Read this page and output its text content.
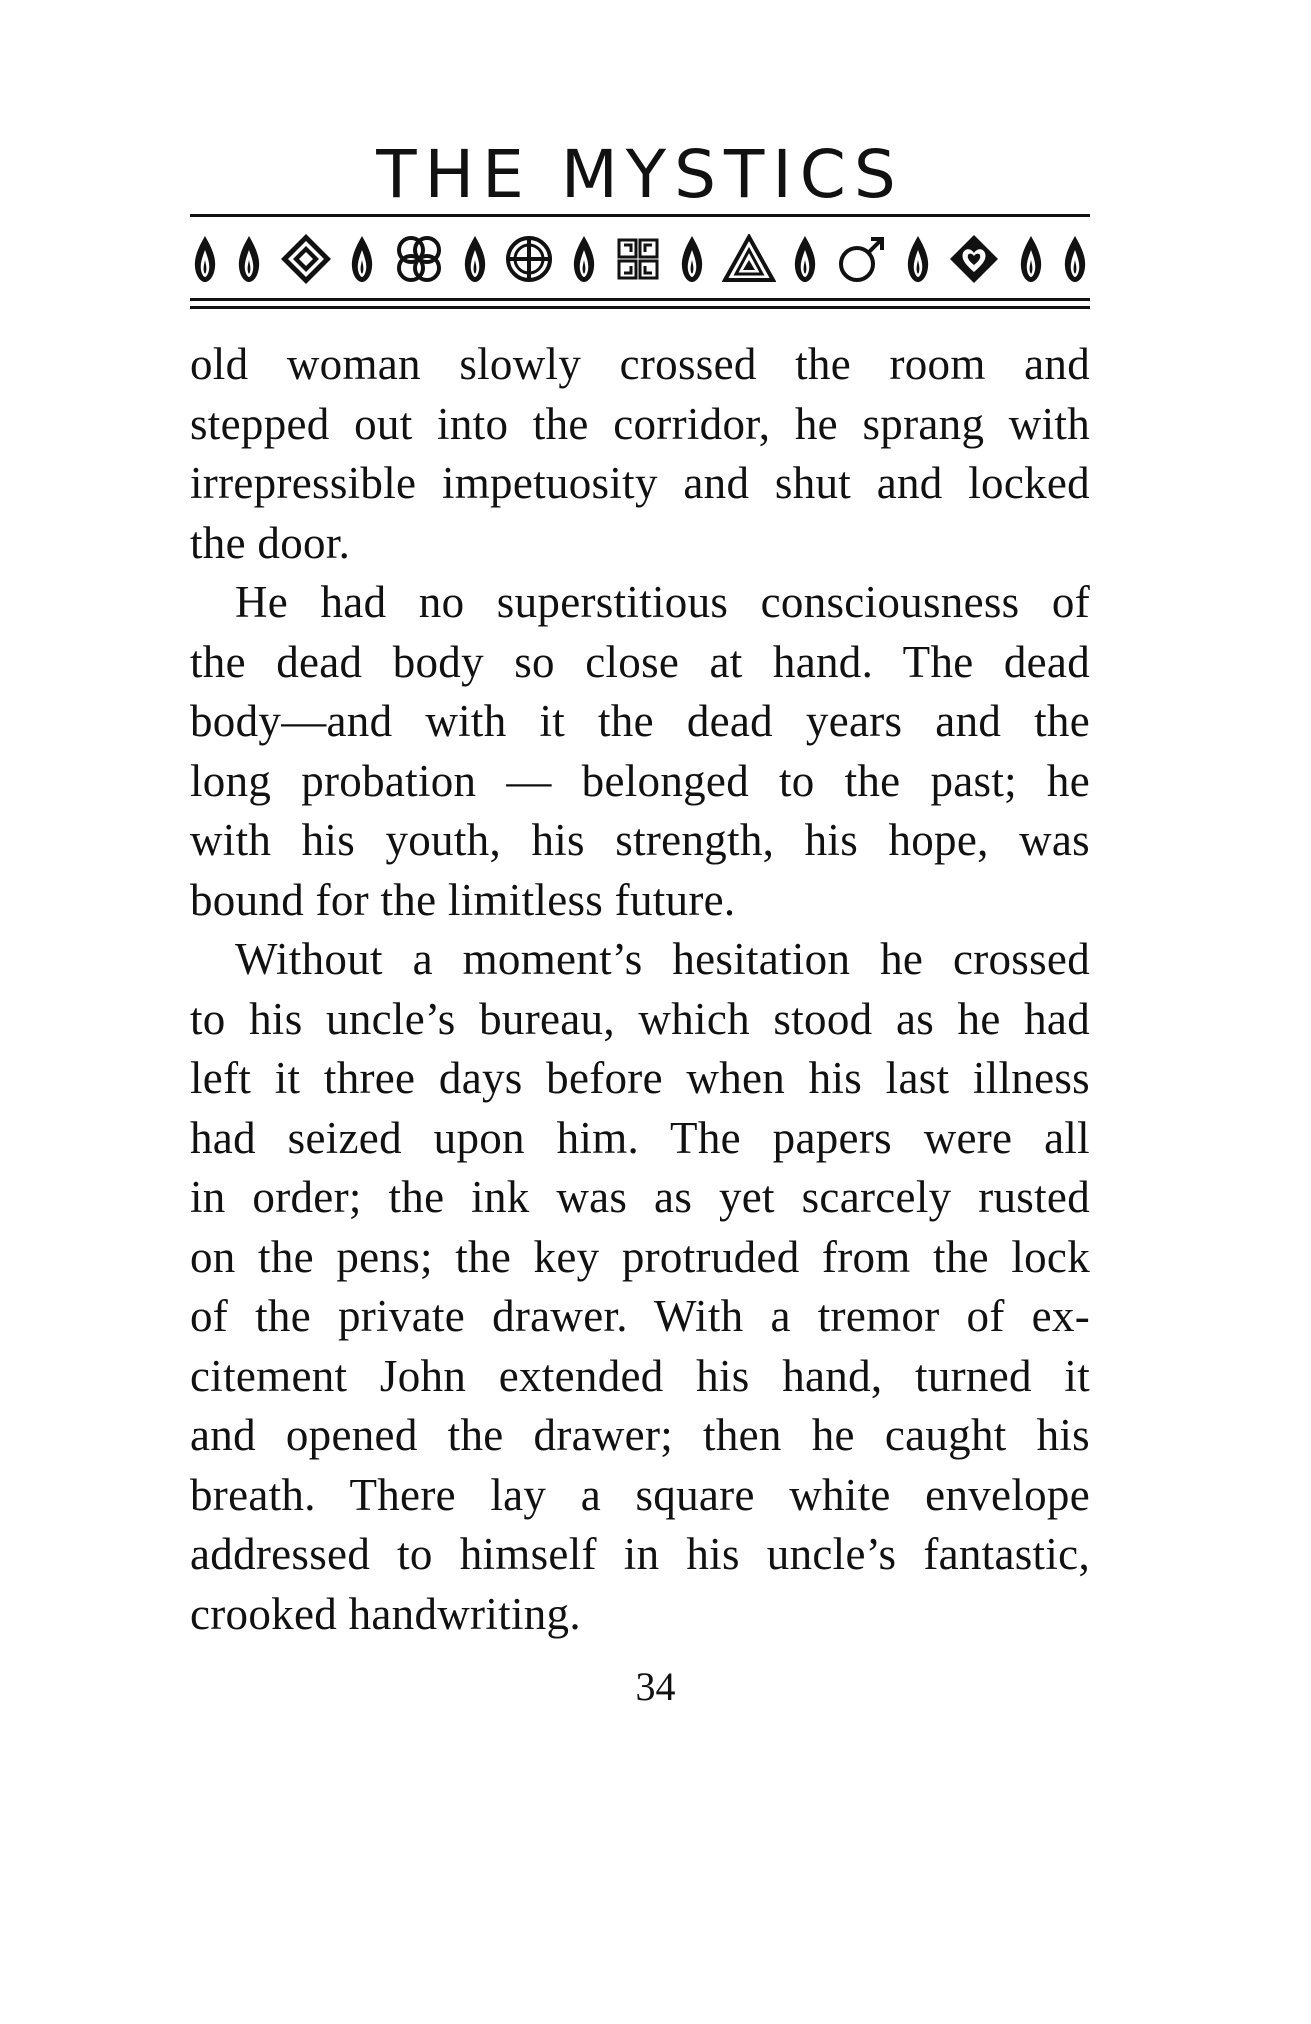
THE MYSTICS
old woman slowly crossed the room and
stepped out into the corridor, he sprang with
irrepressible impetuosity and shut and locked
the door.
He had no superstitious consciousness of
the dead body so close at hand. The dead
body—and with it the dead years and the
long probation — belonged to the past; he
with his youth, his strength, his hope, was
bound for the limitless future.
Without a moment’s hesitation he crossed
to his uncle’s bureau, which stood as he had
left it three days before when his last illness
had seized upon him. The papers were all
in order; the ink was as yet scarcely rusted
on the pens; the key protruded from the lock
of the private drawer. With a tremor of ex-
citement John extended his hand, turned it
and opened the drawer; then he caught his
breath. There lay a square white envelope
addressed to himself in his uncle’s fantastic,
crooked handwriting.
34
